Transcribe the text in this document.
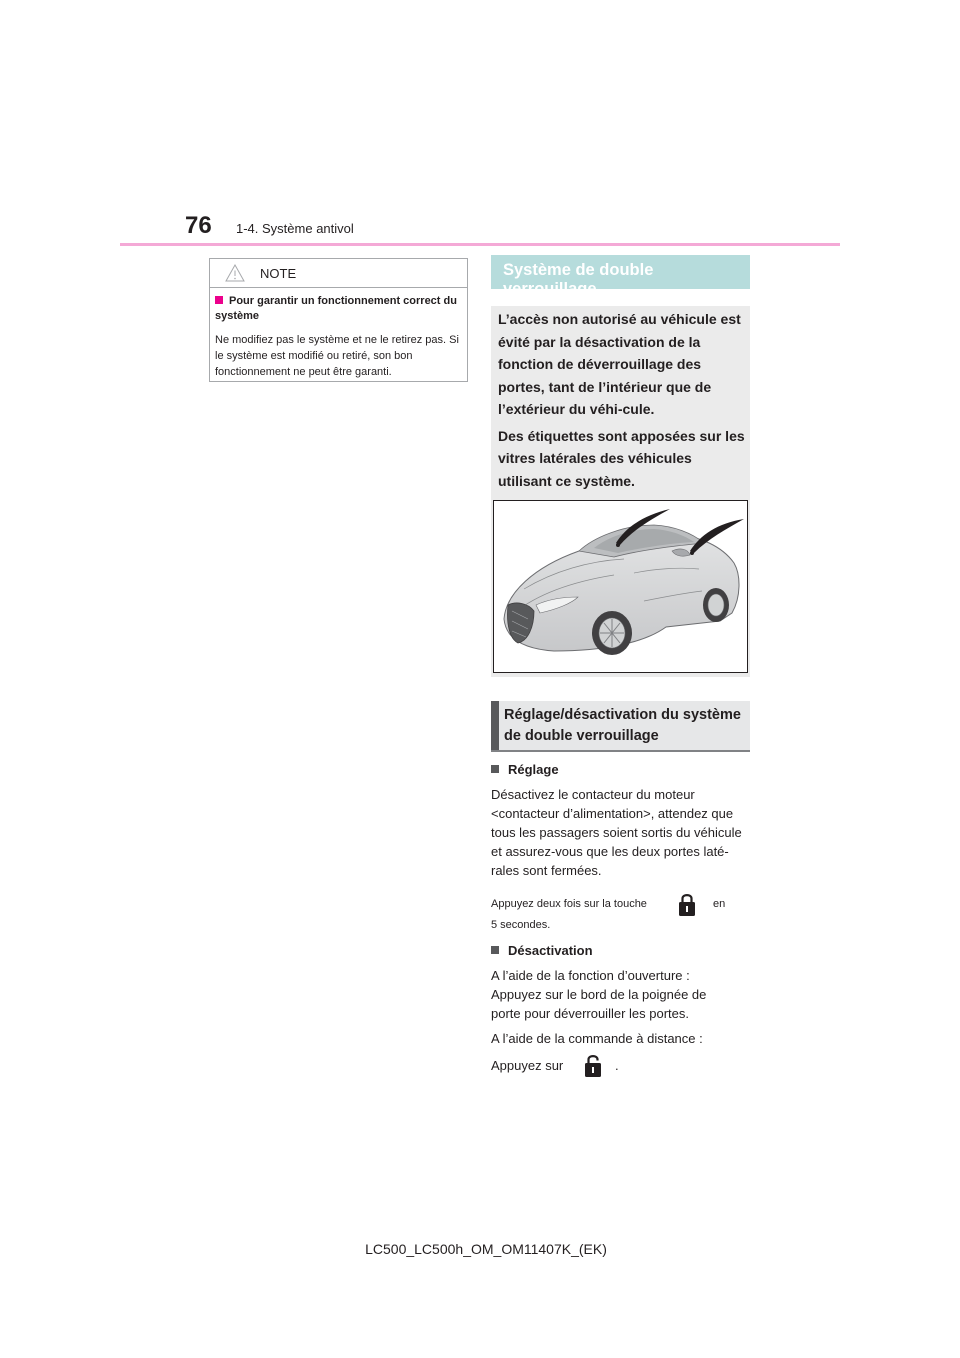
76 1-4. Système antivol
NOTE
Pour garantir un fonctionnement correct du système
Ne modifiez pas le système et ne le retirez pas. Si le système est modifié ou retiré, son bon fonctionnement ne peut être garanti.
Système de double verrouillage

L’accès non autorisé au véhicule est évité par la désactivation de la fonction de déverrouillage des portes, tant de l’intérieur que de l’extérieur du véhi-cule.

Des étiquettes sont apposées sur les vitres latérales des véhicules utilisant ce système.

Réglage/désactivation du système de double verrouillage
Réglage
Désactivez le contacteur du moteur <contacteur d’alimentation>, attendez que tous les passagers soient sortis du véhicule et assurez-vous que les deux portes laté-rales sont fermées.
Appuyez deux fois sur la touche	en
5 secondes.
Désactivation
A l’aide de la fonction d’ouverture : Appuyez sur le bord de la poignée de porte pour déverrouiller les portes.
A l’aide de la commande à distance :
Appuyez sur	.
LC500_LC500h_OM_OM11407K_(EK)
